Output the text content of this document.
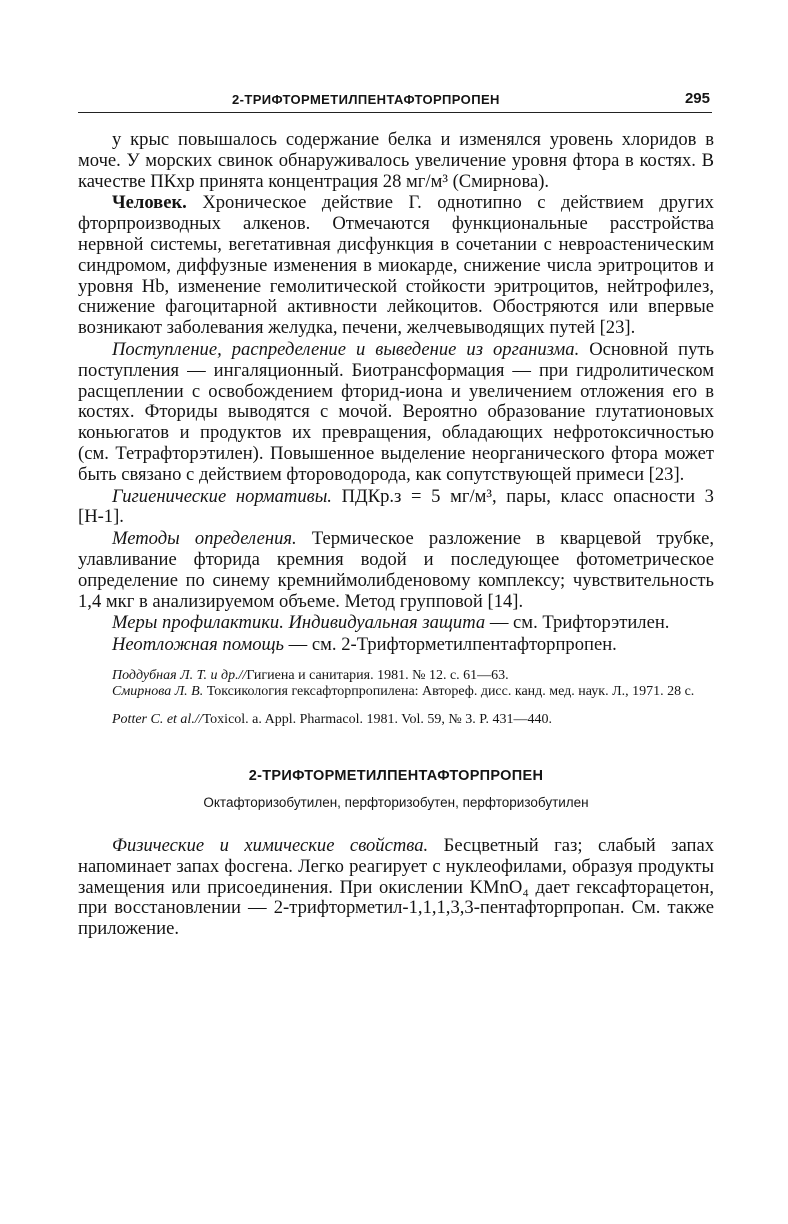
2-ТРИФТОРМЕТИЛПЕНТАФТОРПРОПЕН	295

у крыс повышалось содержание белка и изменялся уровень хлоридов в моче. У морских свинок обнаруживалось увеличение уровня фтора в костях. В качестве ПКхр принята концентрация 28 мг/м³ (Смирнова).

Человек. Хроническое действие Г. однотипно с действием других фторпроизводных алкенов. Отмечаются функциональные расстройства нервной системы, вегетативная дисфункция в сочетании с невроастеническим синдромом, диффузные изменения в миокарде, снижение числа эритроцитов и уровня Hb, изменение гемолитической стойкости эритроцитов, нейтрофилез, снижение фагоцитарной активности лейкоцитов. Обостряются или впервые возникают заболевания желудка, печени, желчевыводящих путей [23].

Поступление, распределение и выведение из организма. Основной путь поступления — ингаляционный. Биотрансформация — при гидролитическом расщеплении с освобождением фторид-иона и увеличением отложения его в костях. Фториды выводятся с мочой. Вероятно образование глутатионовых коньюгатов и продуктов их превращения, обладающих нефротоксичностью (см. Тетрафторэтилен). Повышенное выделение неорганического фтора может быть связано с действием фтороводорода, как сопутствующей примеси [23].

Гигиенические нормативы. ПДКр.з = 5 мг/м³, пары, класс опасности 3 [Н-1].

Методы определения. Термическое разложение в кварцевой трубке, улавливание фторида кремния водой и последующее фотометрическое определение по синему кремниймолибденовому комплексу; чувствительность 1,4 мкг в анализируемом объеме. Метод групповой [14].

Меры профилактики. Индивидуальная защита — см. Трифторэтилен.

Неотложная помощь — см. 2-Трифторметилпентафторпропен.

Поддубная Л. Т. и др.//Гигиена и санитария. 1981. № 12. с. 61—63.

Смирнова Л. В. Токсикология гексафторпропилена: Автореф. дисс. канд. мед. наук. Л., 1971. 28 с.

Potter C. et al.//Toxicol. a. Appl. Pharmacol. 1981. Vol. 59, № 3. P. 431—440.

2-ТРИФТОРМЕТИЛПЕНТАФТОРПРОПЕН
Октафторизобутилен, перфторизобутен, перфторизобутилен

Физические и химические свойства. Бесцветный газ; слабый запах напоминает запах фосгена. Легко реагирует с нуклеофилами, образуя продукты замещения или присоединения. При окислении KMnO₄ дает гексафторацетон, при восстановлении — 2-трифторметил-1,1,1,3,3-пентафторпропан. См. также приложение.
